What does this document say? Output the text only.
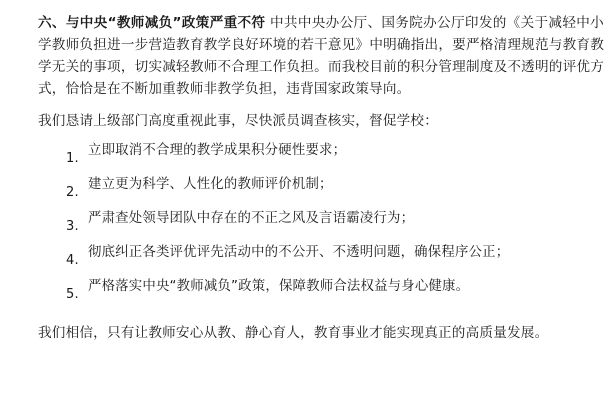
六、与中央“教师减负”政策严重不符 中共中央办公厅、国务院办公厅印发的《关于减轻中小学教师负担进一步营造教育教学良好环境的若干意见》中明确指出，要严格清理规范与教育教学无关的事项，切实减轻教师不合理工作负担。而我校目前的积分管理制度及不透明的评优方式，恰恰是在不断加重教师非教学负担，违背国家政策导向。

我们恳请上级部门高度重视此事，尽快派员调查核实，督促学校：

1.
立即取消不合理的教学成果积分硬性要求；
2.
建立更为科学、人性化的教师评价机制；
3.
严肃查处领导团队中存在的不正之风及言语霸凌行为；
4.
彻底纠正各类评优评先活动中的不公开、不透明问题，确保程序公正；
5.
严格落实中央“教师减负”政策，保障教师合法权益与身心健康。

我们相信，只有让教师安心从教、静心育人，教育事业才能实现真正的高质量发展。
